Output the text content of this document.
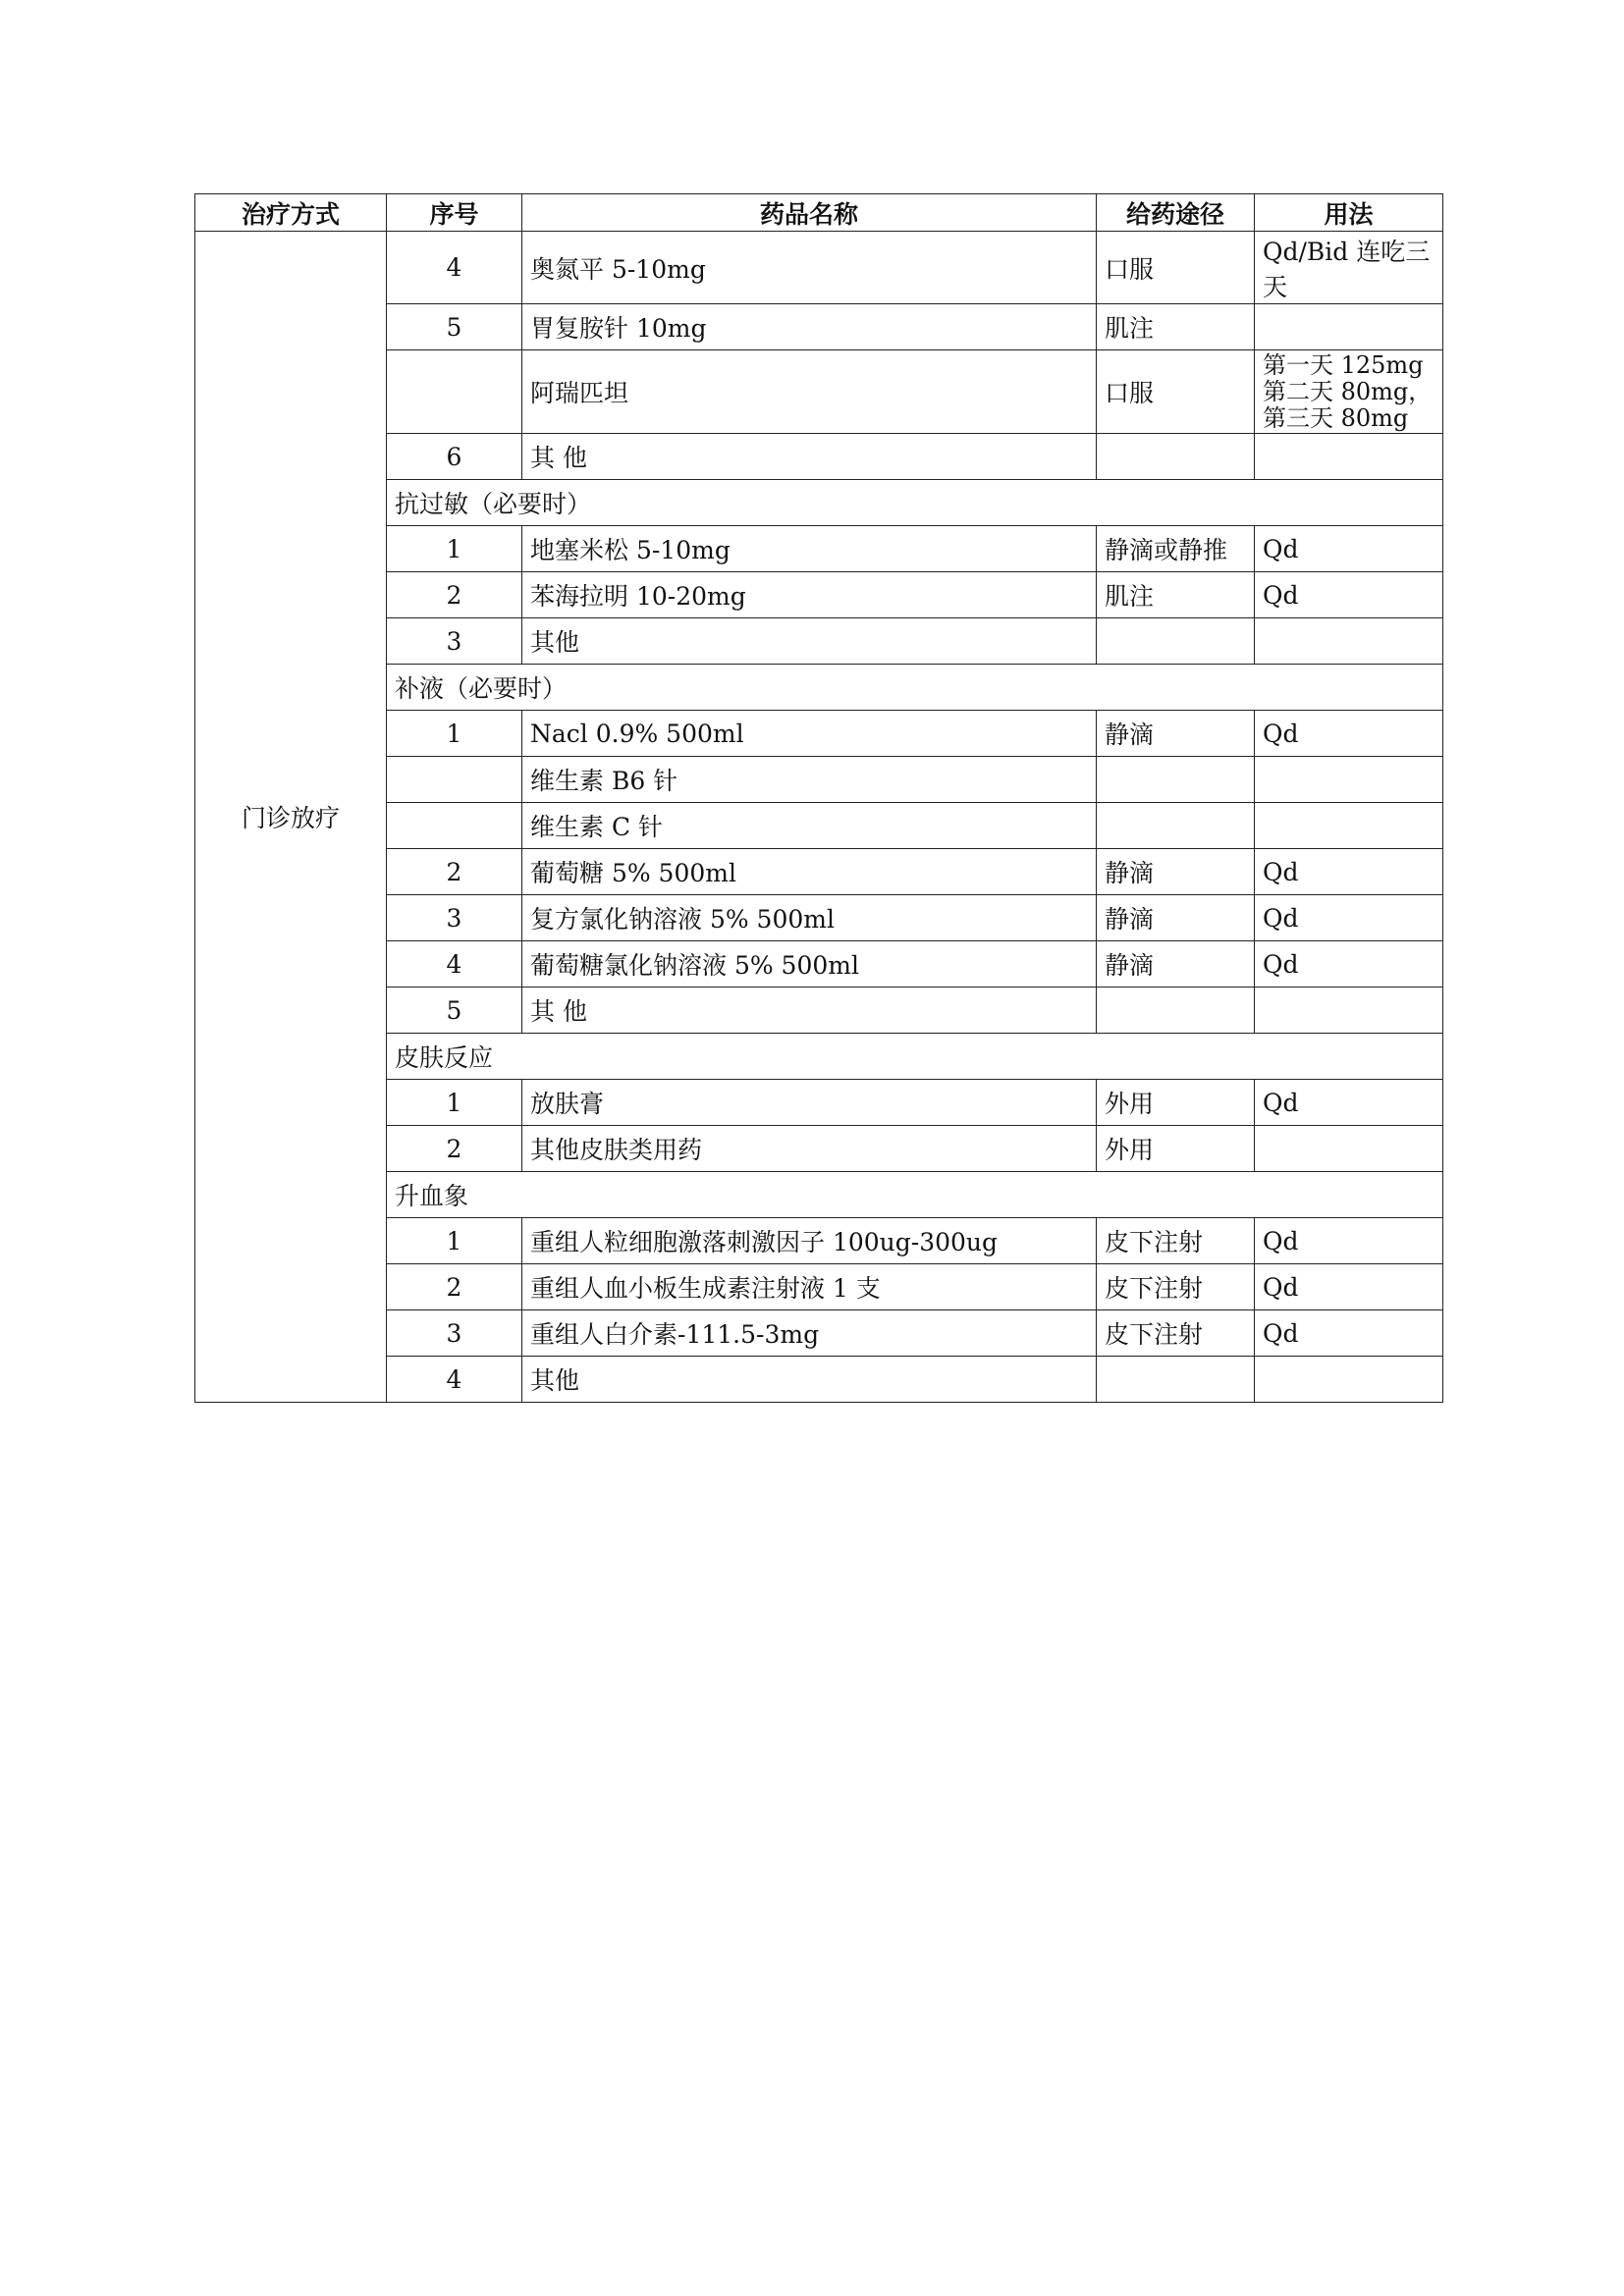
治疗方式	序号	药品名称	给药途径	用法
门诊放疗	4	奥氮平 5-10mg	口服	Qd/Bid 连吃三天
	5	胃复胺针 10mg	肌注	
		阿瑞匹坦	口服	第一天 125mg
第二天 80mg，
第三天 80mg

	6	其 他		
	抗过敏（必要时）			
	1	地塞米松 5-10mg	静滴或静推	Qd
	2	苯海拉明 10-20mg	肌注	Qd
	3	其他		
	补液（必要时）			
	1	Nacl 0.9% 500ml	静滴	Qd
		维生素 B6 针		
		维生素 C 针		
	2	葡萄糖 5% 500ml	静滴	Qd
	3	复方氯化钠溶液 5% 500ml	静滴	Qd
	4	葡萄糖氯化钠溶液 5% 500ml	静滴	Qd
	5	其 他		
	皮肤反应			
	1	放肤膏	外用	Qd
	2	其他皮肤类用药	外用	
	升血象			
	1	重组人粒细胞激落刺激因子 100ug-300ug	皮下注射	Qd
	2	重组人血小板生成素注射液 1 支	皮下注射	Qd
	3	重组人白介素-111.5-3mg	皮下注射	Qd
	4	其他		
